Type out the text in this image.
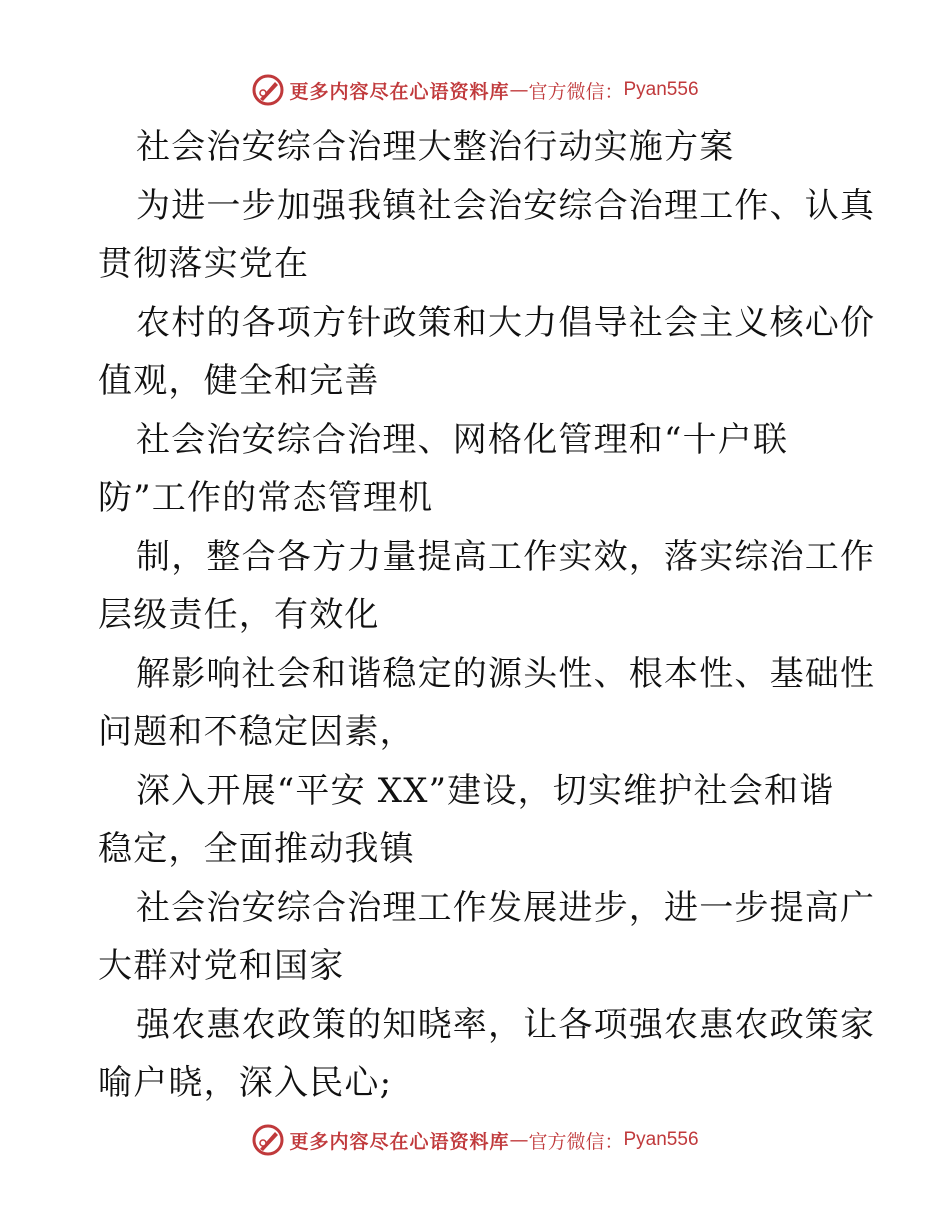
更多内容尽在心语资料库 — 官方微信： Pyan556
社会治安综合治理大整治行动实施方案
为进一步加强我镇社会治安综合治理工作、认真
贯彻落实党在
农村的各项方针政策和大力倡导社会主义核心价
值观，健全和完善
社会治安综合治理、网格化管理和“十户联
防”工作的常态管理机
制，整合各方力量提高工作实效，落实综治工作
层级责任，有效化
解影响社会和谐稳定的源头性、根本性、基础性
问题和不稳定因素，
深入开展“平安 XX”建设，切实维护社会和谐
稳定，全面推动我镇
社会治安综合治理工作发展进步，进一步提高广
大群对党和国家
强农惠农政策的知晓率，让各项强农惠农政策家
喻户晓，深入民心;
更多内容尽在心语资料库 — 官方微信： Pyan556
